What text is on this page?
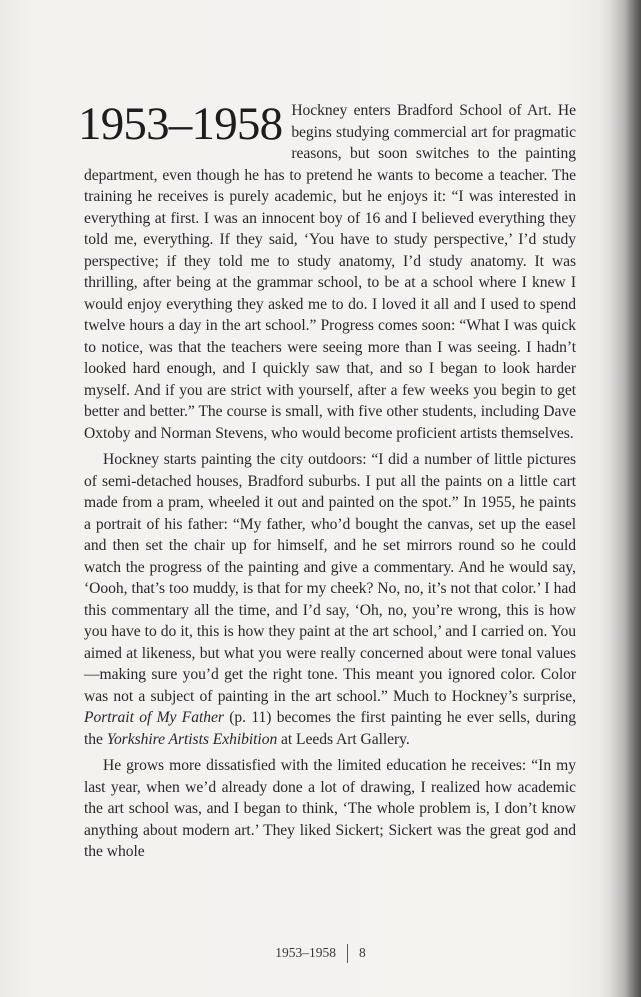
1953–1958 Hockney enters Bradford School of Art. He begins studying commercial art for pragmatic reasons, but soon switches to the painting department, even though he has to pretend he wants to become a teacher. The training he receives is purely academic, but he enjoys it: “I was interested in everything at first. I was an innocent boy of 16 and I believed everything they told me, everything. If they said, ‘You have to study perspective,’ I’d study perspective; if they told me to study anatomy, I’d study anatomy. It was thrilling, after being at the grammar school, to be at a school where I knew I would enjoy everything they asked me to do. I loved it all and I used to spend twelve hours a day in the art school.” Progress comes soon: “What I was quick to notice, was that the teachers were seeing more than I was seeing. I hadn’t looked hard enough, and I quickly saw that, and so I began to look harder myself. And if you are strict with yourself, after a few weeks you begin to get better and better.” The course is small, with five other students, including Dave Oxtoby and Norman Stevens, who would become proficient artists themselves.

Hockney starts painting the city outdoors: “I did a number of little pictures of semi-detached houses, Bradford suburbs. I put all the paints on a little cart made from a pram, wheeled it out and painted on the spot.” In 1955, he paints a portrait of his father: “My father, who’d bought the canvas, set up the easel and then set the chair up for himself, and he set mirrors round so he could watch the progress of the painting and give a commentary. And he would say, ‘Oooh, that’s too muddy, is that for my cheek? No, no, it’s not that color.’ I had this commentary all the time, and I’d say, ‘Oh, no, you’re wrong, this is how you have to do it, this is how they paint at the art school,’ and I carried on. You aimed at likeness, but what you were really concerned about were tonal values—making sure you’d get the right tone. This meant you ignored color. Color was not a subject of painting in the art school.” Much to Hockney’s surprise, Portrait of My Father (p. 11) becomes the first painting he ever sells, during the Yorkshire Artists Exhibition at Leeds Art Gallery.

He grows more dissatisfied with the limited education he receives: “In my last year, when we’d already done a lot of drawing, I realized how academic the art school was, and I began to think, ‘The whole problem is, I don’t know anything about modern art.’ They liked Sickert; Sickert was the great god and the whole

1953–1958	8
